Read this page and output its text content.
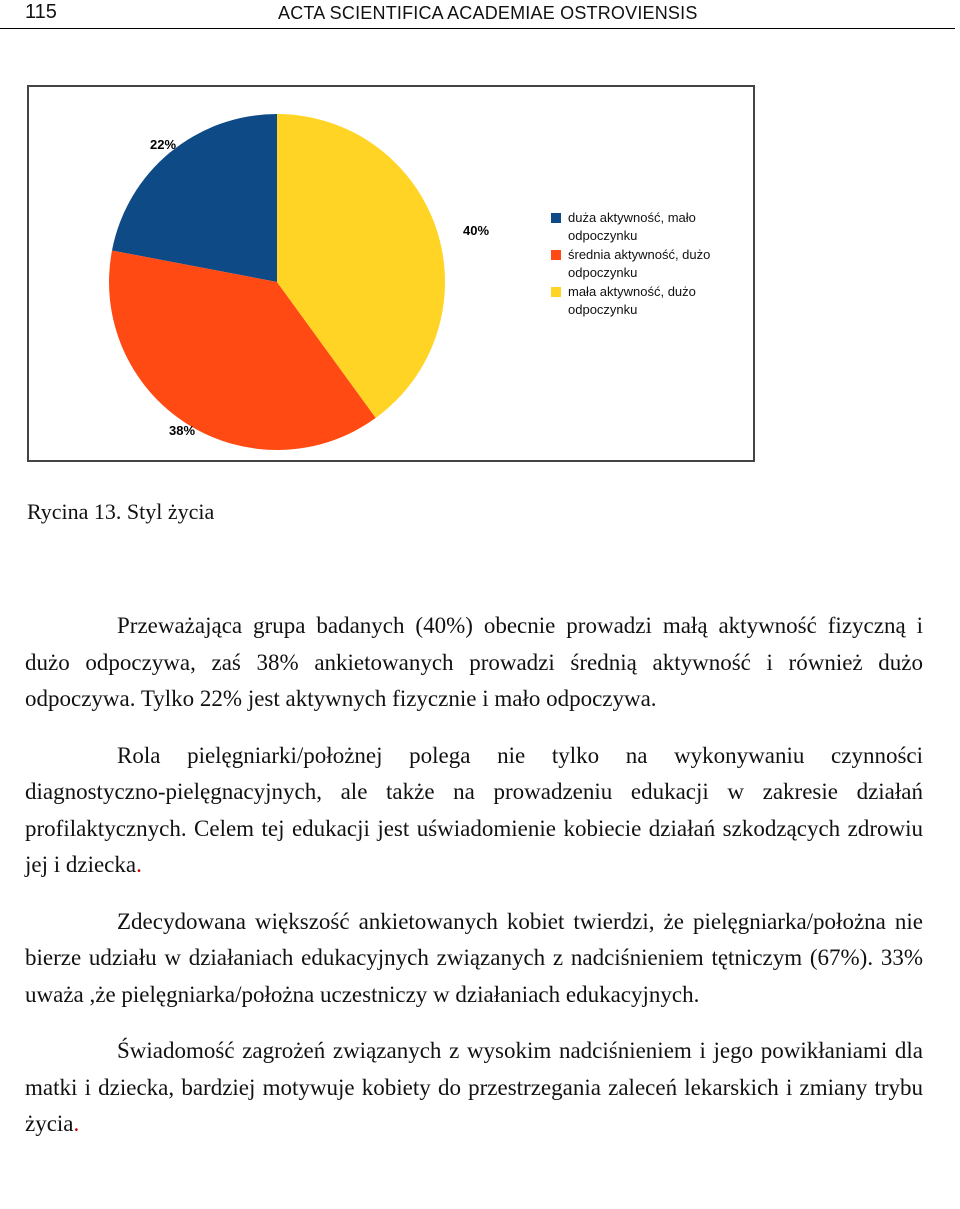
115	ACTA SCIENTIFICA ACADEMIAE OSTROVIENSIS
22%
38%
40%
duża aktywność, mało
odpoczynku
średnia aktywność, dużo
odpoczynku
mała aktywność, dużo
odpoczynku
Rycina 13. Styl życia

Przeważająca grupa badanych (40%) obecnie prowadzi małą aktywność fizyczną i dużo odpoczywa, zaś 38% ankietowanych prowadzi średnią aktywność i również dużo odpoczywa. Tylko 22% jest aktywnych fizycznie i mało odpoczywa.

Rola pielęgniarki/położnej polega nie tylko na wykonywaniu czynności diagnostyczno-pielęgnacyjnych, ale także na prowadzeniu edukacji w zakresie działań profilaktycznych. Celem tej edukacji jest uświadomienie kobiecie działań szkodzących zdrowiu jej i dziecka.

Zdecydowana większość ankietowanych kobiet twierdzi, że pielęgniarka/położna nie bierze udziału w działaniach edukacyjnych związanych z nadciśnieniem tętniczym (67%). 33% uważa ,że pielęgniarka/położna uczestniczy w działaniach edukacyjnych.

Świadomość zagrożeń związanych z wysokim nadciśnieniem i jego powikłaniami dla matki i dziecka, bardziej motywuje kobiety do przestrzegania zaleceń lekarskich i zmiany trybu życia.
